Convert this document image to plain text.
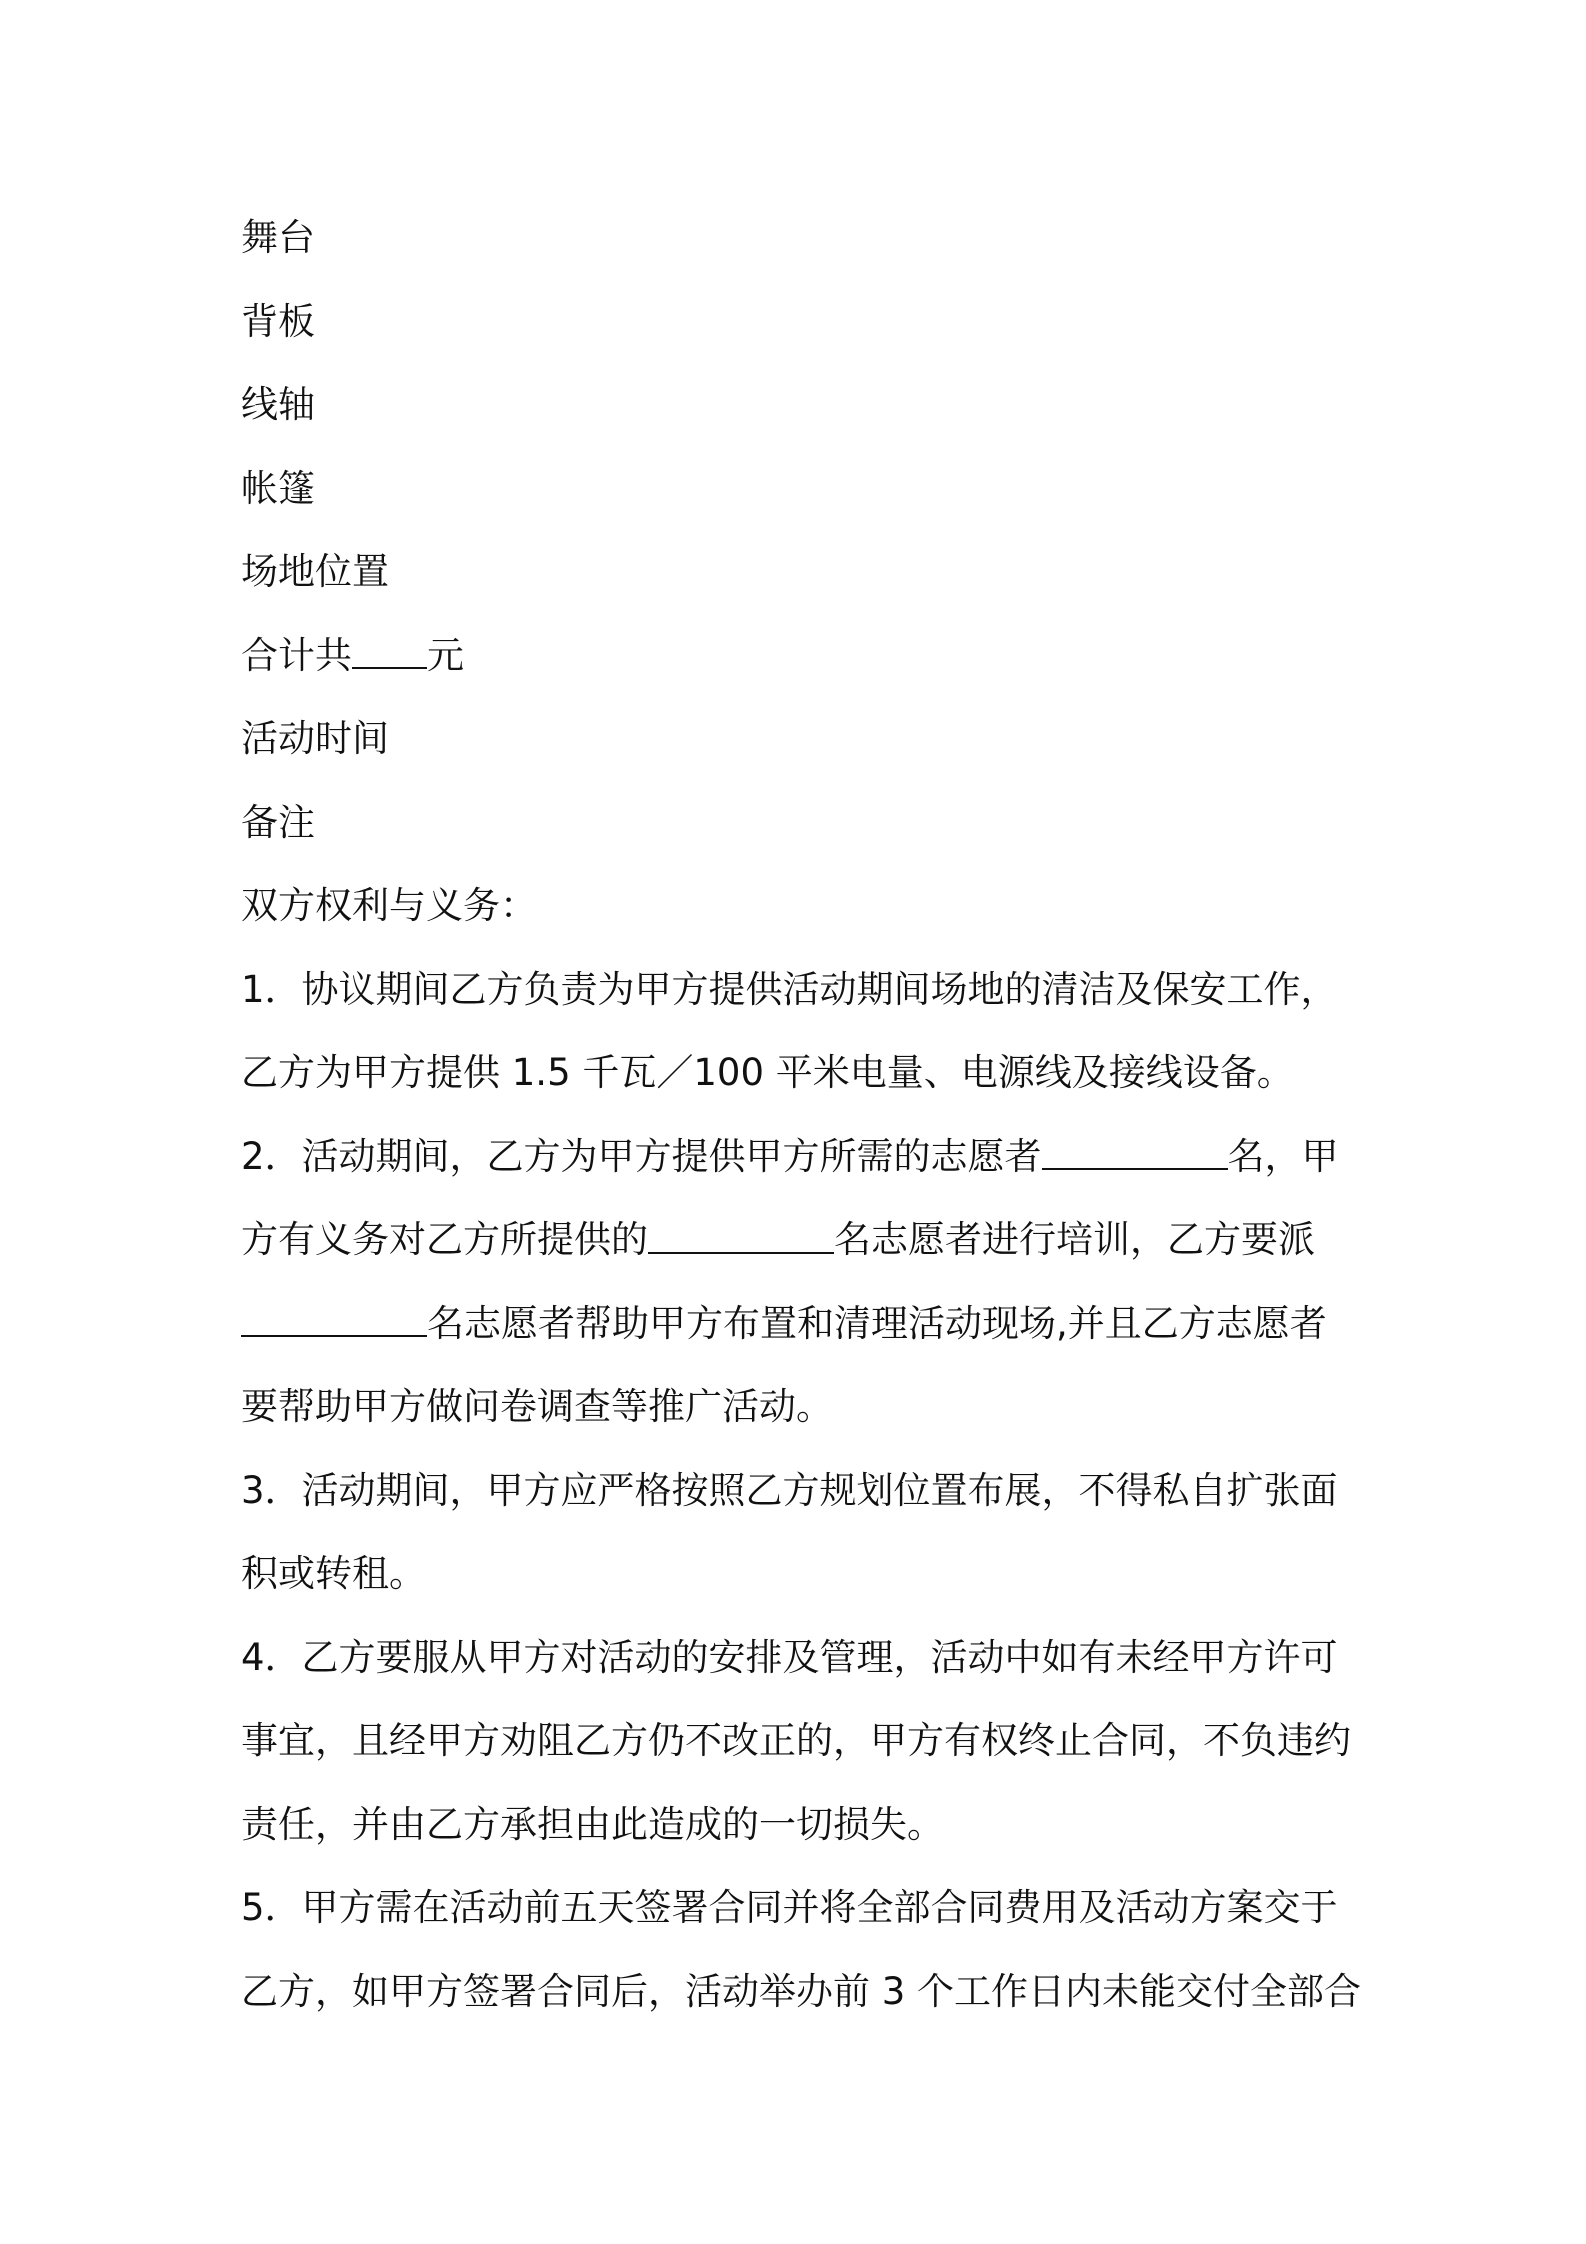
舞台

背板

线轴

帐篷

场地位置

合计共 元

活动时间

备注

双方权利与义务：

1．协议期间乙方负责为甲方提供活动期间场地的清洁及保安工作，

乙方为甲方提供 1.5 千瓦／100 平米电量、电源线及接线设备。

2．活动期间，乙方为甲方提供甲方所需的志愿者	名，甲

方有义务对乙方所提供的	名志愿者进行培训，乙方要派

名志愿者帮助甲方布置和清理活动现场,并且乙方志愿者

要帮助甲方做问卷调查等推广活动。

3．活动期间，甲方应严格按照乙方规划位置布展，不得私自扩张面

积或转租。

4．乙方要服从甲方对活动的安排及管理，活动中如有未经甲方许可

事宜，且经甲方劝阻乙方仍不改正的，甲方有权终止合同，不负违约

责任，并由乙方承担由此造成的一切损失。

5．甲方需在活动前五天签署合同并将全部合同费用及活动方案交于

乙方，如甲方签署合同后，活动举办前 3 个工作日内未能交付全部合
